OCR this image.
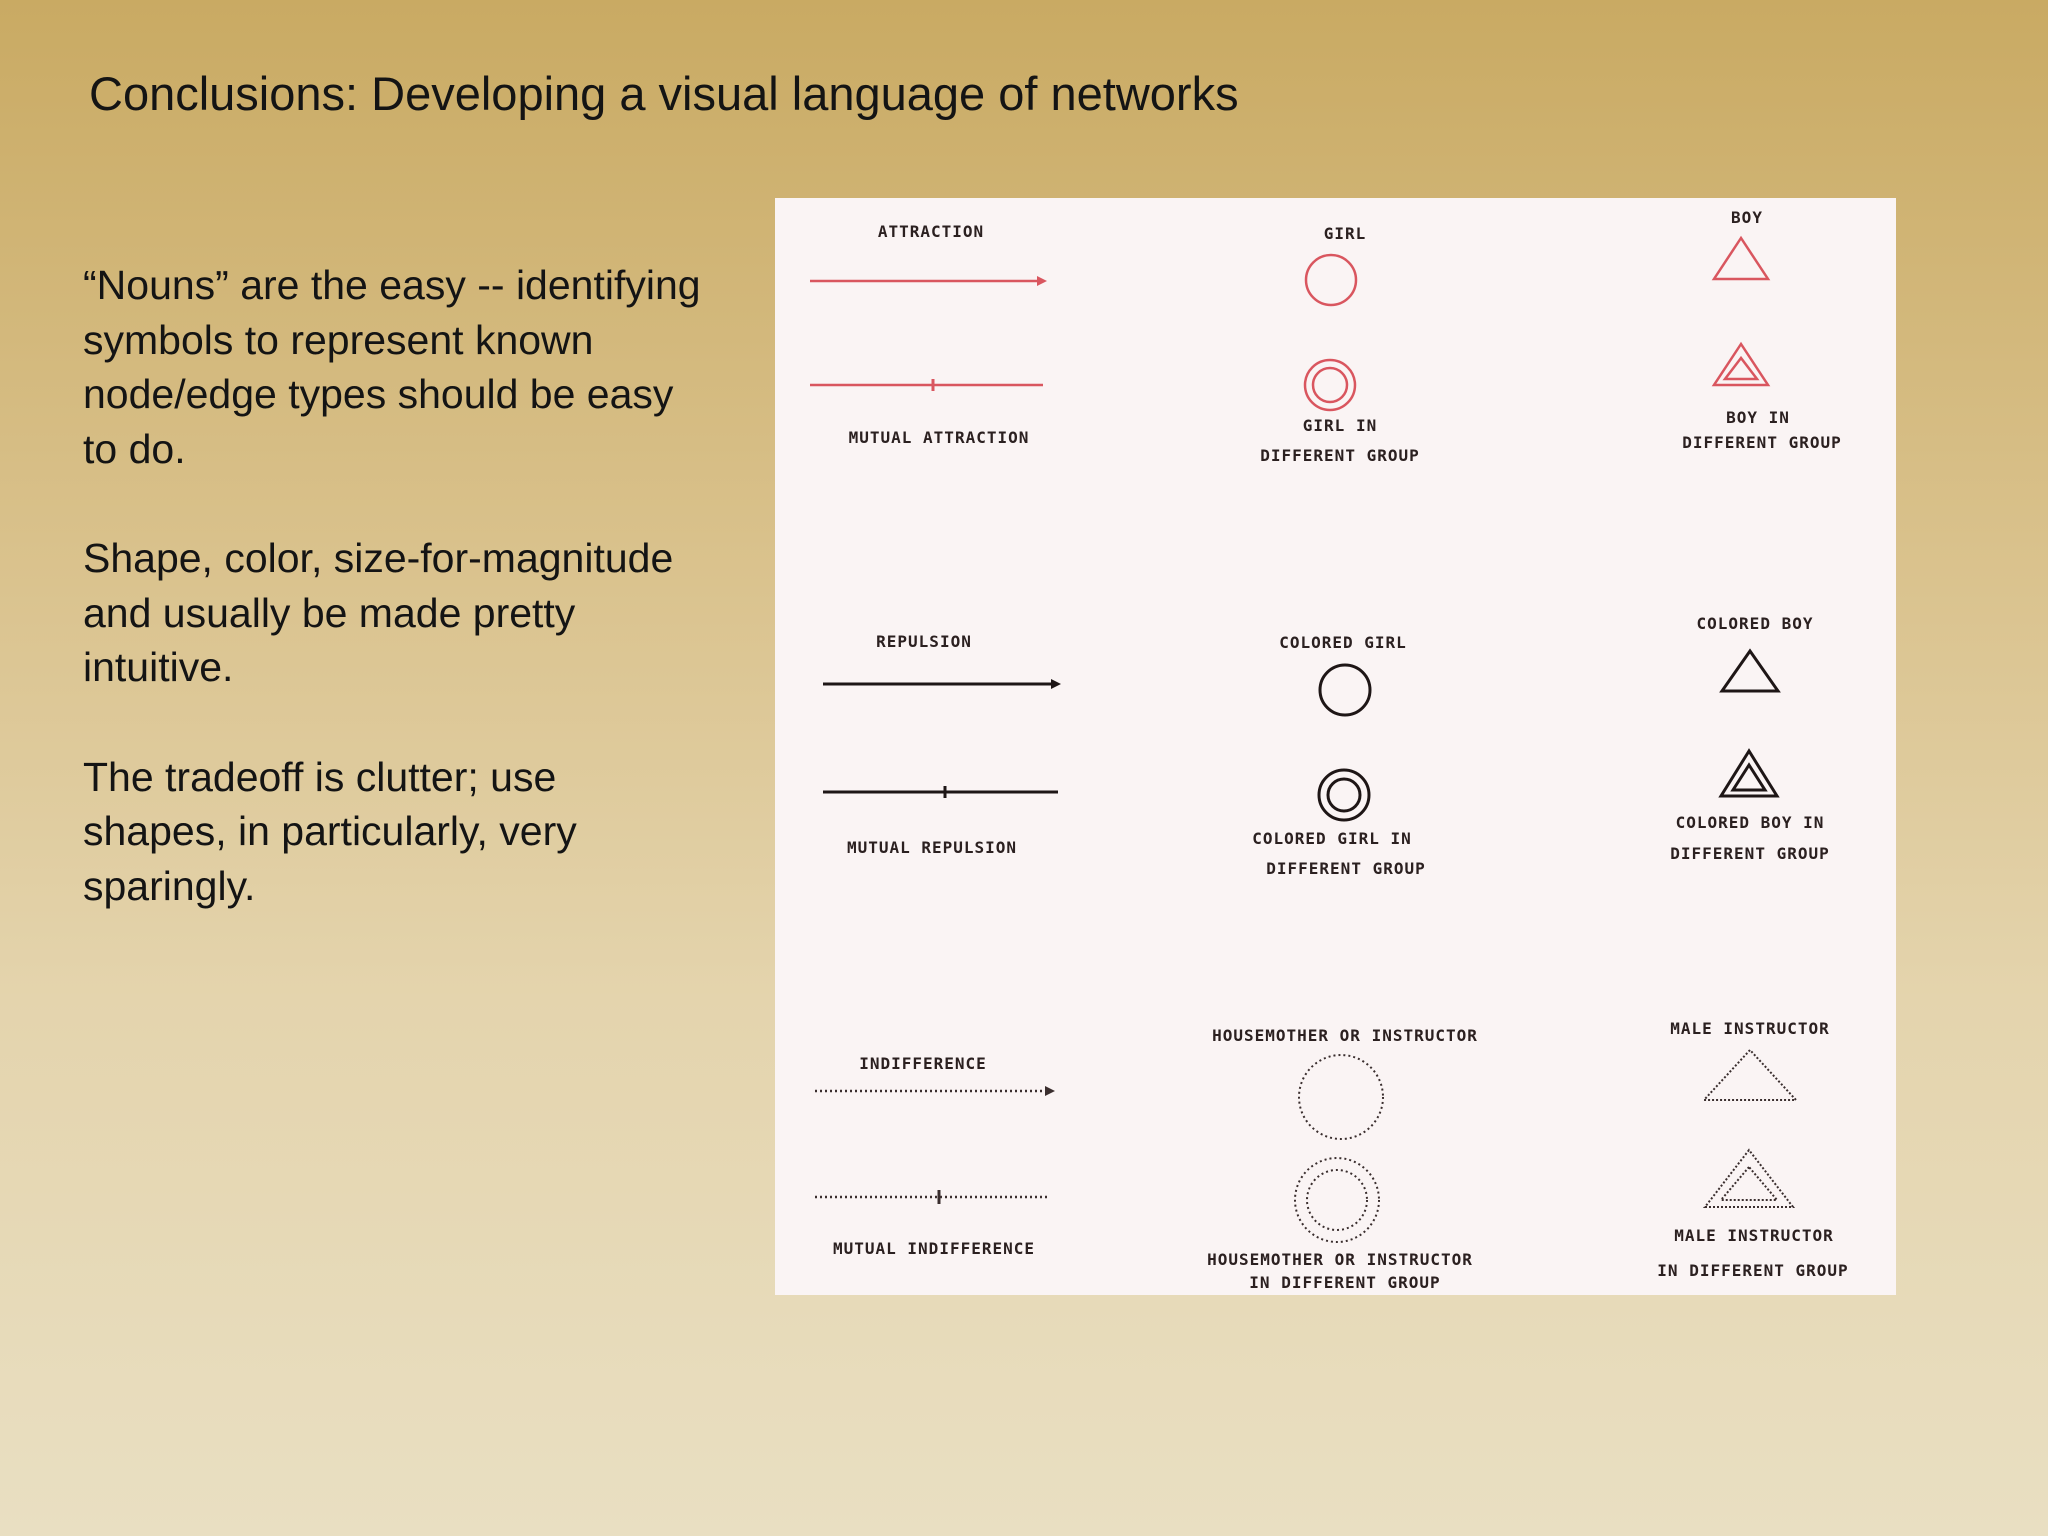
Conclusions: Developing a visual language of networks

“Nouns” are the easy -- identifying symbols to represent known node/edge types should be easy to do.

Shape, color, size-for-magnitude and usually be made pretty intuitive.

The tradeoff is clutter; use shapes, in particularly, very sparingly.

ATTRACTION
MUTUAL ATTRACTION
REPULSION
MUTUAL REPULSION
INDIFFERENCE
MUTUAL INDIFFERENCE
GIRL
GIRL IN
DIFFERENT GROUP
COLORED GIRL
COLORED GIRL IN
DIFFERENT GROUP
HOUSEMOTHER OR INSTRUCTOR
HOUSEMOTHER OR INSTRUCTOR
IN DIFFERENT GROUP
BOY
BOY IN
DIFFERENT GROUP
COLORED BOY
COLORED BOY IN
DIFFERENT GROUP
MALE INSTRUCTOR
MALE INSTRUCTOR
IN DIFFERENT GROUP
